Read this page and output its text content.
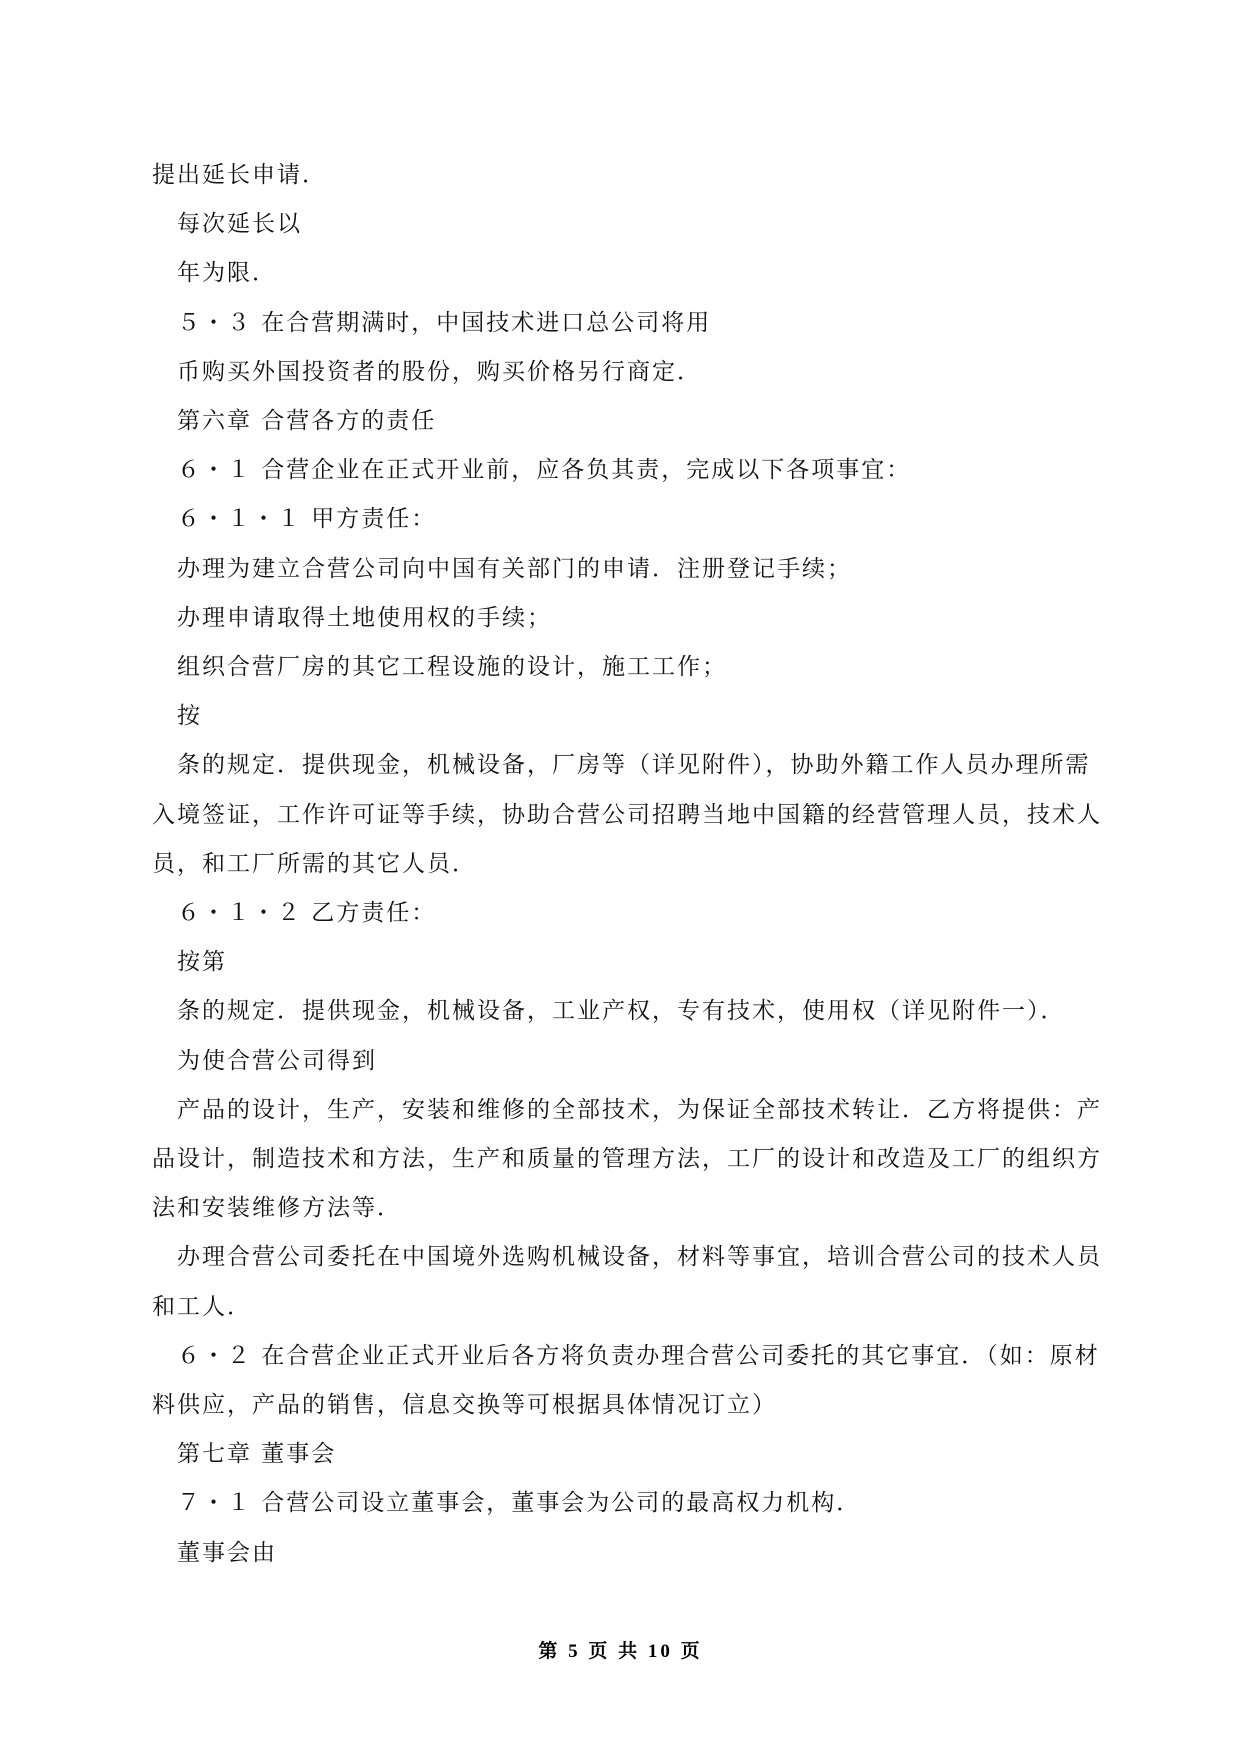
提出延长申请．
每次延长以
年为限．
５・３ 在合营期满时，中国技术进口总公司将用
币购买外国投资者的股份，购买价格另行商定．
第六章 合营各方的责任
６・１ 合营企业在正式开业前，应各负其责，完成以下各项事宜：
６・１・１ 甲方责任：
办理为建立合营公司向中国有关部门的申请．注册登记手续；
办理申请取得土地使用权的手续；
组织合营厂房的其它工程设施的设计，施工工作；
按
条的规定．提供现金，机械设备，厂房等（详见附件），协助外籍工作人员办理所需
入境签证，工作许可证等手续，协助合营公司招聘当地中国籍的经营管理人员，技术人
员，和工厂所需的其它人员．
６・１・２ 乙方责任：
按第
条的规定．提供现金，机械设备，工业产权，专有技术，使用权（详见附件一）．
为使合营公司得到
产品的设计，生产，安装和维修的全部技术，为保证全部技术转让．乙方将提供：产
品设计，制造技术和方法，生产和质量的管理方法，工厂的设计和改造及工厂的组织方
法和安装维修方法等．
办理合营公司委托在中国境外选购机械设备，材料等事宜，培训合营公司的技术人员
和工人．
６・２ 在合营企业正式开业后各方将负责办理合营公司委托的其它事宜．（如：原材
料供应，产品的销售，信息交换等可根据具体情况订立）
第七章 董事会
７・１ 合营公司设立董事会，董事会为公司的最高权力机构．
董事会由
第 5 页 共 10 页
